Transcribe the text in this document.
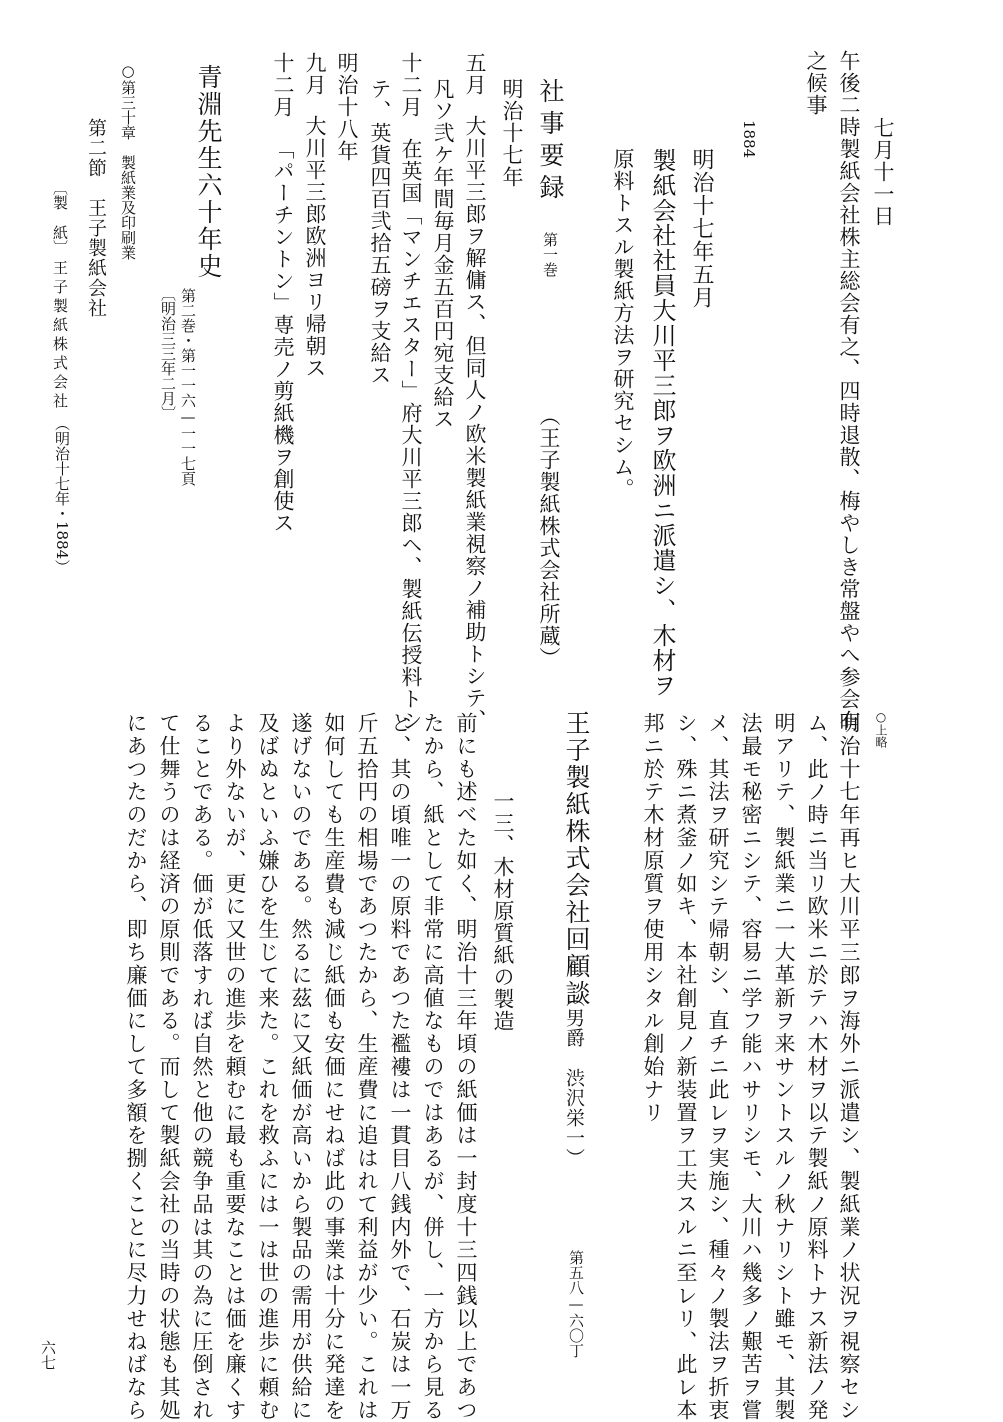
七月十一日
午後二時製紙会社株主総会有之、四時退散、梅やしき常盤やへ参会有
之候事
1884
明治十七年五月
製紙会社社員大川平三郎ヲ欧洲ニ派遣シ、木材ヲ
原料トスル製紙方法ヲ研究セシム。
社事要録
第一巻
（王子製紙株式会社所蔵）
明治十七年
五月
大川平三郎ヲ解傭ス、但同人ノ欧米製紙業視察ノ補助トシテ、
凡ソ弐ケ年間毎月金五百円宛支給ス
十二月
在英国「マンチエスター」府大川平三郎ヘ、製紙伝授料トシ
テ、英貨四百弐拾五磅ヲ支給ス
明治十八年
九月
大川平三郎欧洲ヨリ帰朝ス
十二月
「パーチントン」専売ノ剪紙機ヲ創使ス
青淵先生六十年史
第二巻・第一一六—一一七頁
〔明治三三年二月〕
○第三十章　製紙業及印刷業
第二節　王子製紙会社
〔製　紙〕
王子製紙株式会社
（明治十七年・1884）
○上略
明治十七年再ヒ大川平三郎ヲ海外ニ派遣シ、製紙業ノ状況ヲ視察セシ
ム、此ノ時ニ当リ欧米ニ於テハ木材ヲ以テ製紙ノ原料トナス新法ノ発
明アリテ、製紙業ニ一大革新ヲ来サントスルノ秋ナリシト雖モ、其製
法最モ秘密ニシテ、容易ニ学フ能ハサリシモ、大川ハ幾多ノ艱苦ヲ嘗
メ、其法ヲ研究シテ帰朝シ、直チニ此レヲ実施シ、種々ノ製法ヲ折衷
シ、殊ニ煮釜ノ如キ、本社創見ノ新装置ヲ工夫スルニ至レリ、此レ本
邦ニ於テ木材原質ヲ使用シタル創始ナリ
王子製紙株式会社回顧談
（男爵　渋沢栄一）
第五八—六〇丁
一三、木材原質紙の製造
前にも述べた如く、明治十三年頃の紙価は一封度十三四銭以上であつ
たから、紙として非常に高値なものではあるが、併し、一方から見る
と、其の頃唯一の原料であつた襤褸は一貫目八銭内外で、石炭は一万
斤五拾円の相場であつたから、生産費に追はれて利益が少い。これは
如何しても生産費も減じ紙価も安価にせねば此の事業は十分に発達を
遂げないのである。然るに茲に又紙価が高いから製品の需用が供給に
及ばぬといふ嫌ひを生じて来た。これを救ふには一は世の進歩に頼む
より外ないが、更に又世の進歩を頼むに最も重要なことは価を廉くす
ることである。価が低落すれば自然と他の競争品は其の為に圧倒され
て仕舞うのは経済の原則である。而して製紙会社の当時の状態も其処
にあつたのだから、即ち廉価にして多額を捌くことに尽力せねばなら
六七
